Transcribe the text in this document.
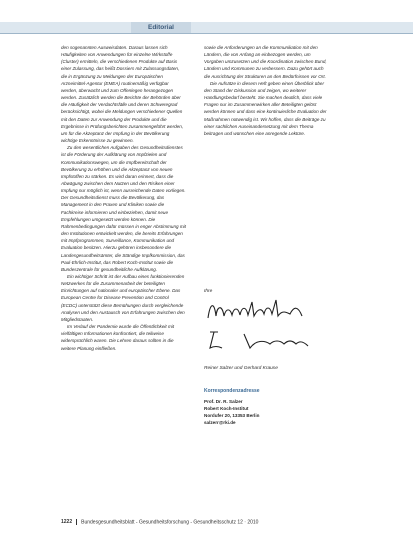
Editorial

den sogenannten Ausweisdaten. Daraus lassen sich Häufigkeiten von Anwendungen für einzelne Wirkstoffe (Cluster) ermitteln, die verschiedenen Produkte auf Basis einer Zulassung, das heißt Dossiers mit Zulassungsdaten, die in Ergänzung zu Meldungen der Europäischen Arzneimittel-Agentur (EMEA) routinemäßig verfügbar werden, überwacht und zum Offenlegen herangezogen werden. Zusätzlich werden die Berichte der Behörden über die Häufigkeit der Verdachtsfälle und deren Schweregrad berücksichtigt, wobei die Meldungen verschiedener Quellen mit den Daten zur Anwendung der Produkte und die Ergebnisse in Prüfungsberichten zusammengeführt werden, um für die Akzeptanz der Impfung in der Bevölkerung wichtige Erkenntnisse zu gewinnen.

Zu den wesentlichen Aufgaben des Gesundheitsdienstes ist die Förderung der Aufklärung von Impfzielen und Kommunikationswegen, um die Impfbereitschaft der Bevölkerung zu erhöhen und die Akzeptanz von neuen Impfstoffen zu stärken. Es wird daran erinnert, dass die Abwägung zwischen dem Nutzen und den Risiken einer Impfung nur möglich ist, wenn ausreichende Daten vorliegen. Der Gesundheitsdienst muss die Bevölkerung, das Management in den Praxen und Kliniken sowie die Fachkreise informieren und einbeziehen, damit neue Empfehlungen umgesetzt werden können. Die Rahmenbedingungen dafür müssen in enger Abstimmung mit den Institutionen entwickelt werden, die bereits Erfahrungen mit Impfprogrammen, Surveillance, Kommunikation und Evaluation besitzen. Hierzu gehören insbesondere die Landesgesundheitsämter, die Ständige Impfkommission, das Paul-Ehrlich-Institut, das Robert Koch-Institut sowie die Bundeszentrale für gesundheitliche Aufklärung.

Ein wichtiger Schritt ist der Aufbau eines funktionierenden Netzwerkes für die Zusammenarbeit der beteiligten Einrichtungen auf nationaler und europäischer Ebene. Das European Centre for Disease Prevention and Control (ECDC) unterstützt diese Bemühungen durch vergleichende Analysen und den Austausch von Erfahrungen zwischen den Mitgliedstaaten.

Im Verlauf der Pandemie wurde die Öffentlichkeit mit vielfältigen Informationen konfrontiert, die teilweise widersprüchlich waren. Die Lehren daraus sollten in die weitere Planung einfließen.

sowie die Anforderungen an die Kommunikation mit den Ländern, die von Anfang an einbezogen werden, um Vorgaben umzusetzen und die Koordination zwischen Bund, Ländern und Kommunen zu verbessern. Dazu gehört auch die Ausrichtung der Strukturen an den Bedürfnissen vor Ort.

Die Aufsätze in diesem Heft geben einen Überblick über den Stand der Diskussion und zeigen, wo weiterer Handlungsbedarf besteht. Sie machen deutlich, dass viele Fragen nur im Zusammenwirken aller Beteiligten gelöst werden können und dass eine kontinuierliche Evaluation der Maßnahmen notwendig ist. Wir hoffen, dass die Beiträge zu einer sachlichen Auseinandersetzung mit dem Thema beitragen und wünschen eine anregende Lektüre.

Ihre
Reiner Salzer und Gerhard Krause
Korrespondenzadresse
Prof. Dr. R. Salzer
Robert Koch-Institut
Nordufer 20, 13353 Berlin
salzerr@rki.de
1222 Bundesgesundheitsblatt - Gesundheitsforschung - Gesundheitsschutz 12 · 2010
